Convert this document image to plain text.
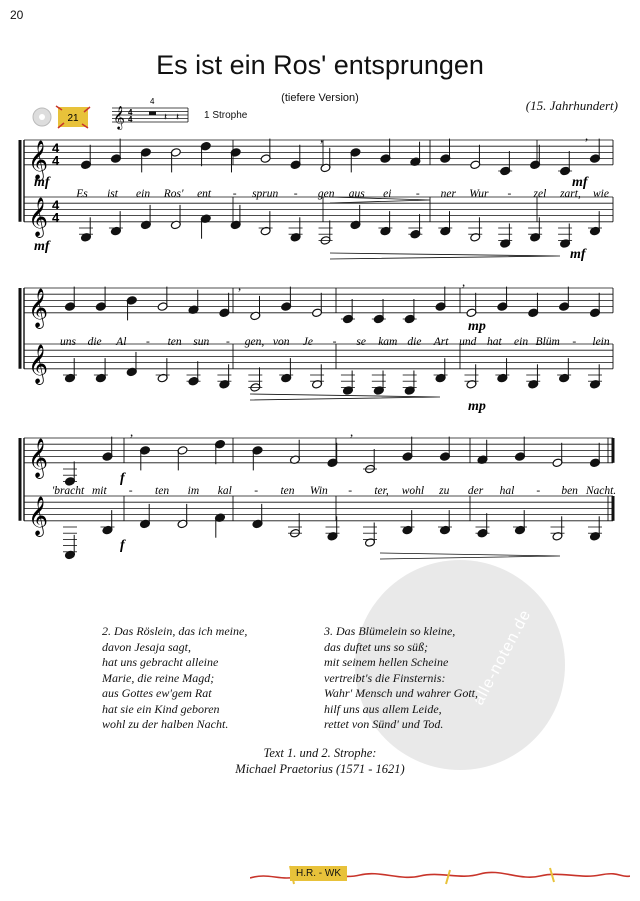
20
Es ist ein Ros' entsprungen
(tiefere Version)	(15. Jahrhundert)
21 𝄞 4
4
4
𝄽 𝄽 1 Strophe
𝄞 4
4
𝄞 4
4
Es ist ein Ros' ent - sprun - gen aus ei - ner Wur - zel zart, wie
𝄞
𝄞
uns die Al - ten sun - gen, von Je - se kam die Art und hat ein Blüm - lein
𝄞
𝄞
'bracht mit - ten im kal - ten Win - ter, wohl zu der hal - ben Nacht.
mf	mf
mf
mf
mp
mp
f
f
,	,
,	,
,	,
alle-noten.de
2. Das Röslein, das ich meine,
davon Jesaja sagt,
hat uns gebracht alleine
Marie, die reine Magd;
aus Gottes ew'gem Rat
hat sie ein Kind geboren
wohl zu der halben Nacht.
3. Das Blümelein so kleine,
das duftet uns so süß;
mit seinem hellen Scheine
vertreibt's die Finsternis:
Wahr' Mensch und wahrer Gott,
hilf uns aus allem Leide,
rettet von Sünd' und Tod.
Text 1. und 2. Strophe:
Michael Praetorius (1571 - 1621)
H.R. - WK
